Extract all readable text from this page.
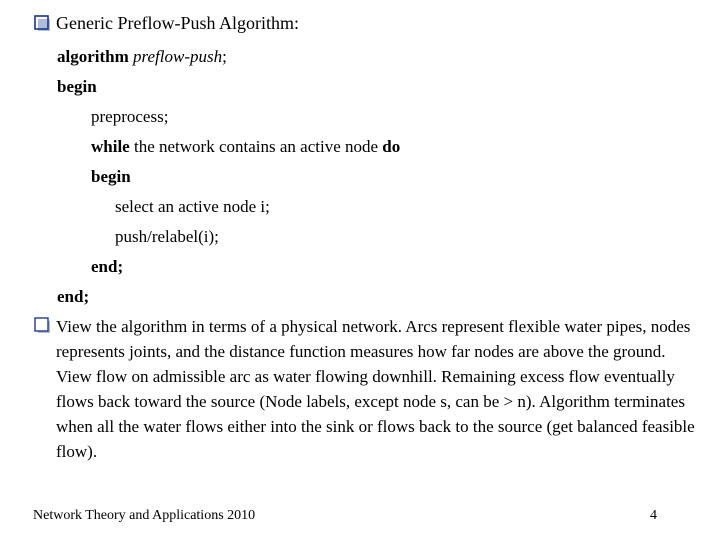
Generic Preflow-Push Algorithm:
algorithm preflow-push;
begin
preprocess;
while the network contains an active node do
begin
select an active node i;
push/relabel(i);
end;
end;
View the algorithm in terms of a physical network. Arcs represent flexible water pipes, nodes represents joints, and the distance function measures how far nodes are above the ground. View flow on admissible arc as water flowing downhill. Remaining excess flow eventually flows back toward the source (Node labels, except node s, can be > n). Algorithm terminates when all the water flows either into the sink or flows back to the source (get balanced feasible flow).
Network Theory and Applications 2010	4
